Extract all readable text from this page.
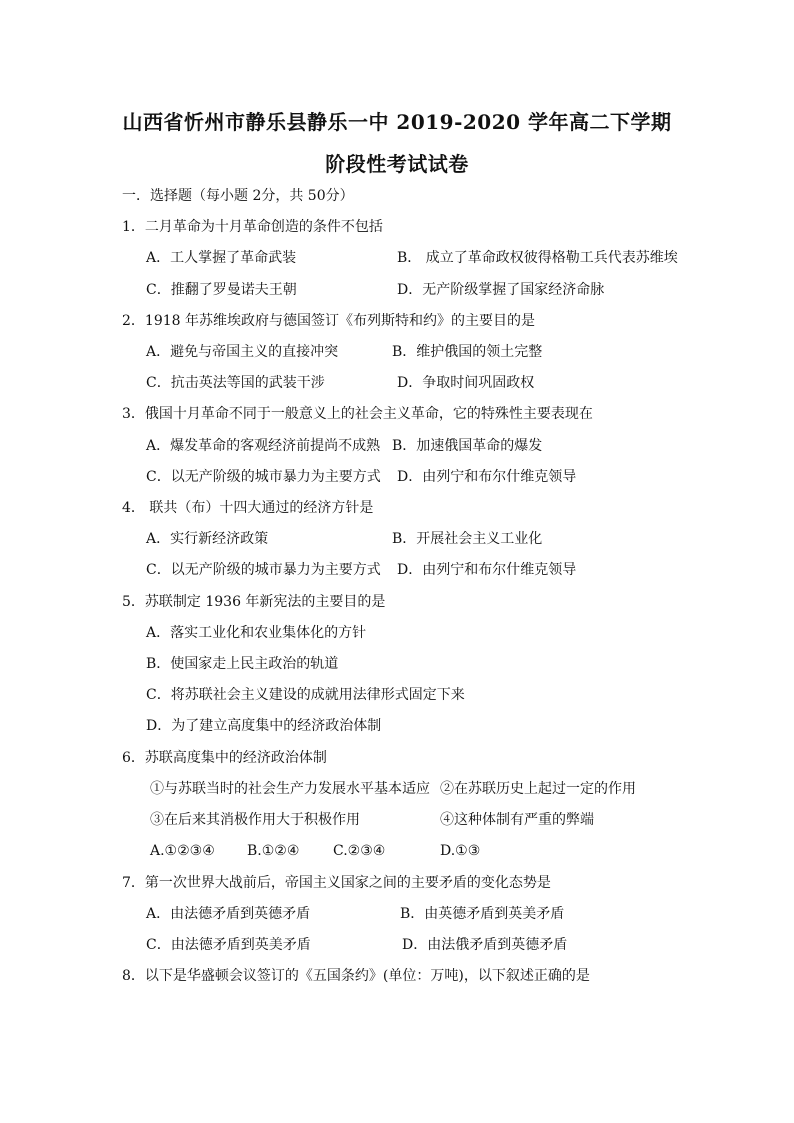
山西省忻州市静乐县静乐一中 2019-2020 学年高二下学期
阶段性考试试卷
一．选择题（每小题 2分，共 50分）
1．二月革命为十月革命创造的条件不包括
A．工人掌握了革命武装	B． 成立了革命政权彼得格勒工兵代表苏维埃
C．推翻了罗曼诺夫王朝	D．无产阶级掌握了国家经济命脉
2．1918 年苏维埃政府与德国签订《布列斯特和约》的主要目的是
A．避免与帝国主义的直接冲突	B．维护俄国的领土完整
C．抗击英法等国的武装干涉	D．争取时间巩固政权
3．俄国十月革命不同于一般意义上的社会主义革命，它的特殊性主要表现在
A．爆发革命的客观经济前提尚不成熟 B．加速俄国革命的爆发
C．以无产阶级的城市暴力为主要方式 D．由列宁和布尔什维克领导
4． 联共（布）十四大通过的经济方针是
A．实行新经济政策	B．开展社会主义工业化
C．以无产阶级的城市暴力为主要方式 D．由列宁和布尔什维克领导
5．苏联制定 1936 年新宪法的主要目的是
A．落实工业化和农业集体化的方针
B．使国家走上民主政治的轨道
C．将苏联社会主义建设的成就用法律形式固定下来
D．为了建立高度集中的经济政治体制
6．苏联高度集中的经济政治体制
①与苏联当时的社会生产力发展水平基本适应 ②在苏联历史上起过一定的作用
③在后来其消极作用大于积极作用	④这种体制有严重的弊端
A.①②③④ B.①②④ C.②③④	D.①③
7．第一次世界大战前后，帝国主义国家之间的主要矛盾的变化态势是
A．由法德矛盾到英德矛盾	B．由英德矛盾到英美矛盾
C．由法德矛盾到英美矛盾	D．由法俄矛盾到英德矛盾
8．以下是华盛顿会议签订的《五国条约》(单位：万吨)，以下叙述正确的是
